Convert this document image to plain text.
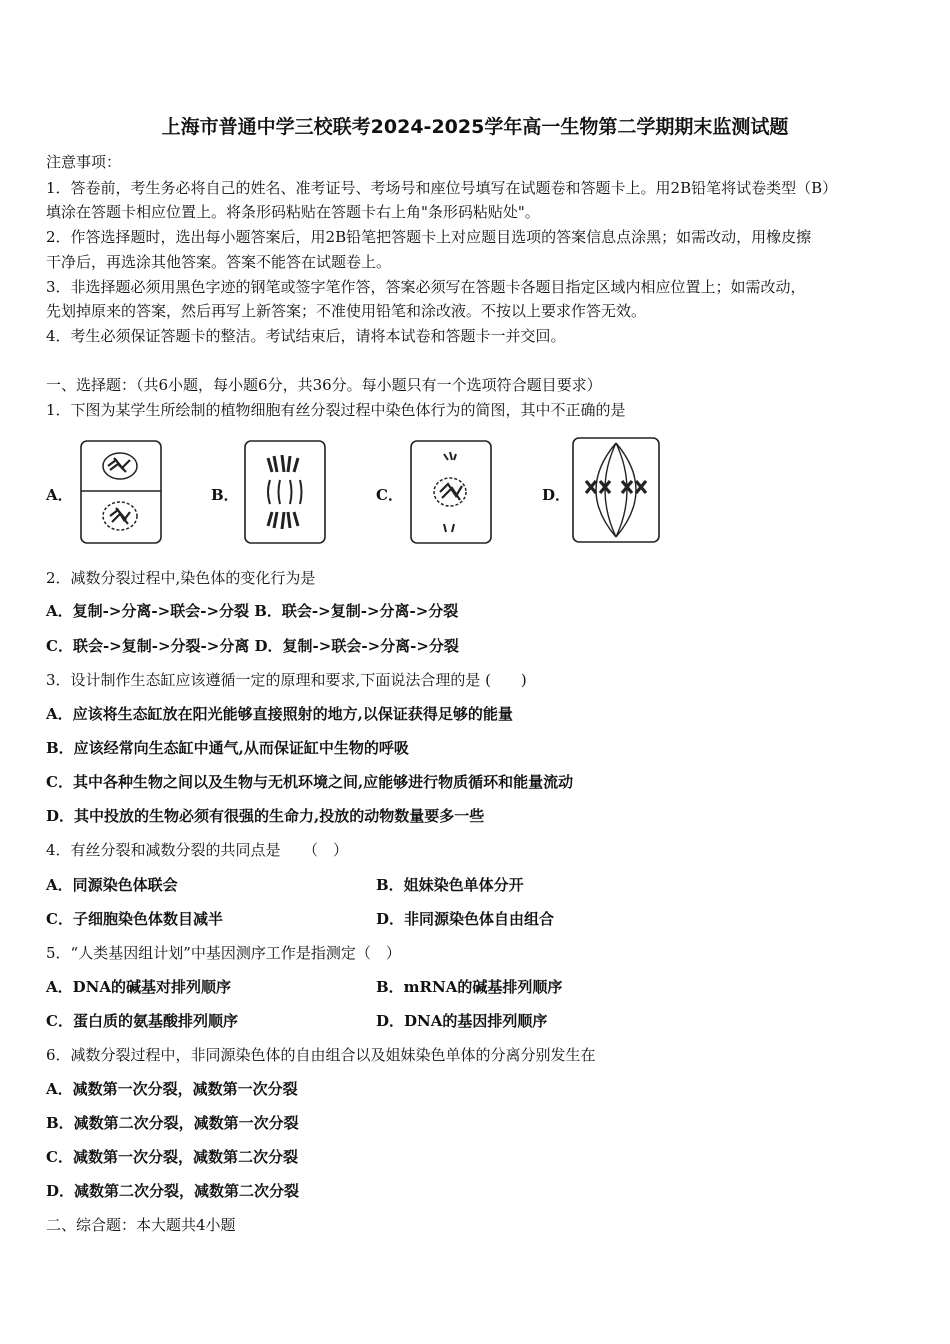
上海市普通中学三校联考2024-2025学年高一生物第二学期期末监测试题
注意事项：
1．答卷前，考生务必将自己的姓名、准考证号、考场号和座位号填写在试题卷和答题卡上。用2B铅笔将试卷类型（B）
填涂在答题卡相应位置上。将条形码粘贴在答题卡右上角"条形码粘贴处"。
2．作答选择题时，选出每小题答案后，用2B铅笔把答题卡上对应题目选项的答案信息点涂黑；如需改动，用橡皮擦
干净后，再选涂其他答案。答案不能答在试题卷上。
3．非选择题必须用黑色字迹的钢笔或签字笔作答，答案必须写在答题卡各题目指定区域内相应位置上；如需改动，
先划掉原来的答案，然后再写上新答案；不准使用铅笔和涂改液。不按以上要求作答无效。
4．考生必须保证答题卡的整洁。考试结束后，请将本试卷和答题卡一并交回。
一、选择题：（共6小题，每小题6分，共36分。每小题只有一个选项符合题目要求）
1．下图为某学生所绘制的植物细胞有丝分裂过程中染色体行为的简图，其中不正确的是
A．	B．	C．	D．
2．减数分裂过程中,染色体的变化行为是
A．复制->分离->联会->分裂 B．联会->复制->分离->分裂
C．联会->复制->分裂->分离 D．复制->联会->分离->分裂
3．设计制作生态缸应该遵循一定的原理和要求,下面说法合理的是 (　　)
A．应该将生态缸放在阳光能够直接照射的地方,以保证获得足够的能量
B．应该经常向生态缸中通气,从而保证缸中生物的呼吸
C．其中各种生物之间以及生物与无机环境之间,应能够进行物质循环和能量流动
D．其中投放的生物必须有很强的生命力,投放的动物数量要多一些
4．有丝分裂和减数分裂的共同点是　　（　）
A．同源染色体联会	B．姐妹染色单体分开
C．子细胞染色体数目减半	D．非同源染色体自由组合
5．“人类基因组计划”中基因测序工作是指测定（　）
A．DNA的碱基对排列顺序	B．mRNA的碱基排列顺序
C．蛋白质的氨基酸排列顺序	D．DNA的基因排列顺序
6．减数分裂过程中，非同源染色体的自由组合以及姐妹染色单体的分离分别发生在
A．减数第一次分裂，减数第一次分裂
B．减数第二次分裂，减数第一次分裂
C．减数第一次分裂，减数第二次分裂
D．减数第二次分裂，减数第二次分裂
二、综合题：本大题共4小题
